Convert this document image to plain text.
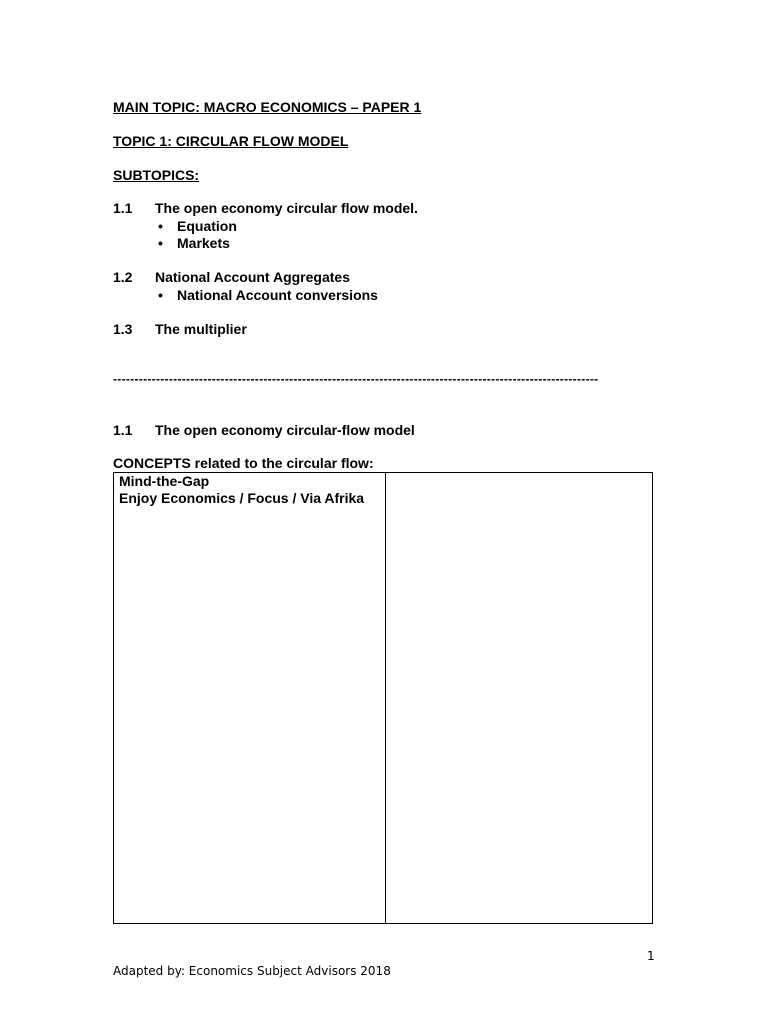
MAIN TOPIC: MACRO ECONOMICS – PAPER 1
TOPIC 1: CIRCULAR FLOW MODEL
SUBTOPICS:
1.1 The open economy circular flow model.
• Equation
• Markets
1.2 National Account Aggregates
• National Account conversions
1.3 The multiplier
-----------------------------------------------------------------------------------------------------------------
1.1 The open economy circular-flow model
CONCEPTS related to the circular flow:
Mind-the-Gap
Enjoy Economics / Focus / Via Afrika
1
Adapted by: Economics Subject Advisors 2018
